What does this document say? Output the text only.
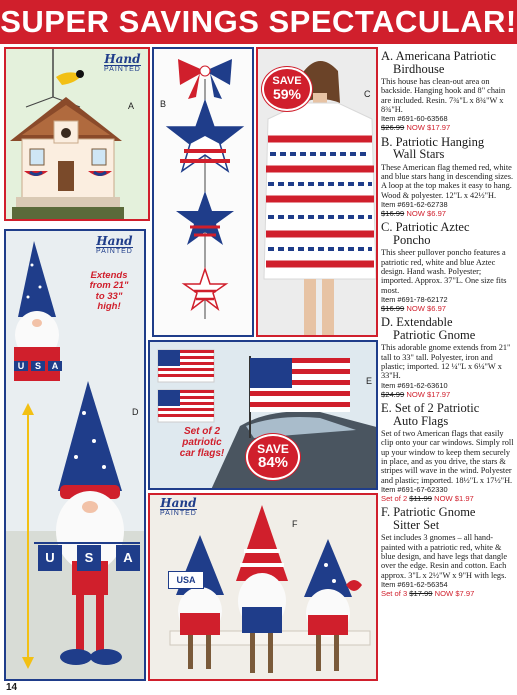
SUPER SAVINGS SPECTACULAR!
Hand
PAINTED
A	B
SAVE
59%	C
Hand
PAINTED
Extends
from 21"
to 33"
high!
U	S	A
U	S	A
D
Set of 2
patriotic
car flags!	SAVE
84%
E
USA
Hand
PAINTED
F
A. Americana Patriotic
Birdhouse
This house has clean-out area on backside. Hanging hook and 8" chain are included. Resin. 7¾"L x 8¾"W x 8¾"H.
Item #691-60-63568
$26.99 NOW $17.97
B. Patriotic Hanging
Wall Stars
These American flag themed red, white and blue stars hang in descending sizes. A loop at the top makes it easy to hang. Wood & polyester. 12"L x 42½"H.
Item #691-62-62738
$16.99 NOW $6.97
C. Patriotic Aztec
Poncho
This sheer pullover poncho features a patriotic red, white and blue Aztec design. Hand wash. Polyester; imported. Approx. 37"L. One size fits most.
Item #691-78-62172
$16.99 NOW $6.97
D. Extendable
Patriotic Gnome
This adorable gnome extends from 21" tall to 33" tall. Polyester, iron and plastic; imported. 12 ¼"L x 6¼"W x 33"H.
Item #691-62-63610
$24.99 NOW $17.97
E. Set of 2 Patriotic
Auto Flags
Set of two American flags that easily clip onto your car windows. Simply roll up your window to keep them securely in place, and as you drive, the stars & stripes will wave in the wind. Polyester and plastic; imported. 18½"L x 17½"H.
Item #691-67-62330
Set of 2 $11.99 NOW $1.97
F. Patriotic Gnome
Sitter Set
Set includes 3 gnomes – all hand-painted with a patriotic red, white & blue design, and have legs that dangle over the edge. Resin and cotton. Each approx. 3"L x 2½"W x 9"H with legs.
Item #691-62-56354
Set of 3 $17.99 NOW $7.97
14
